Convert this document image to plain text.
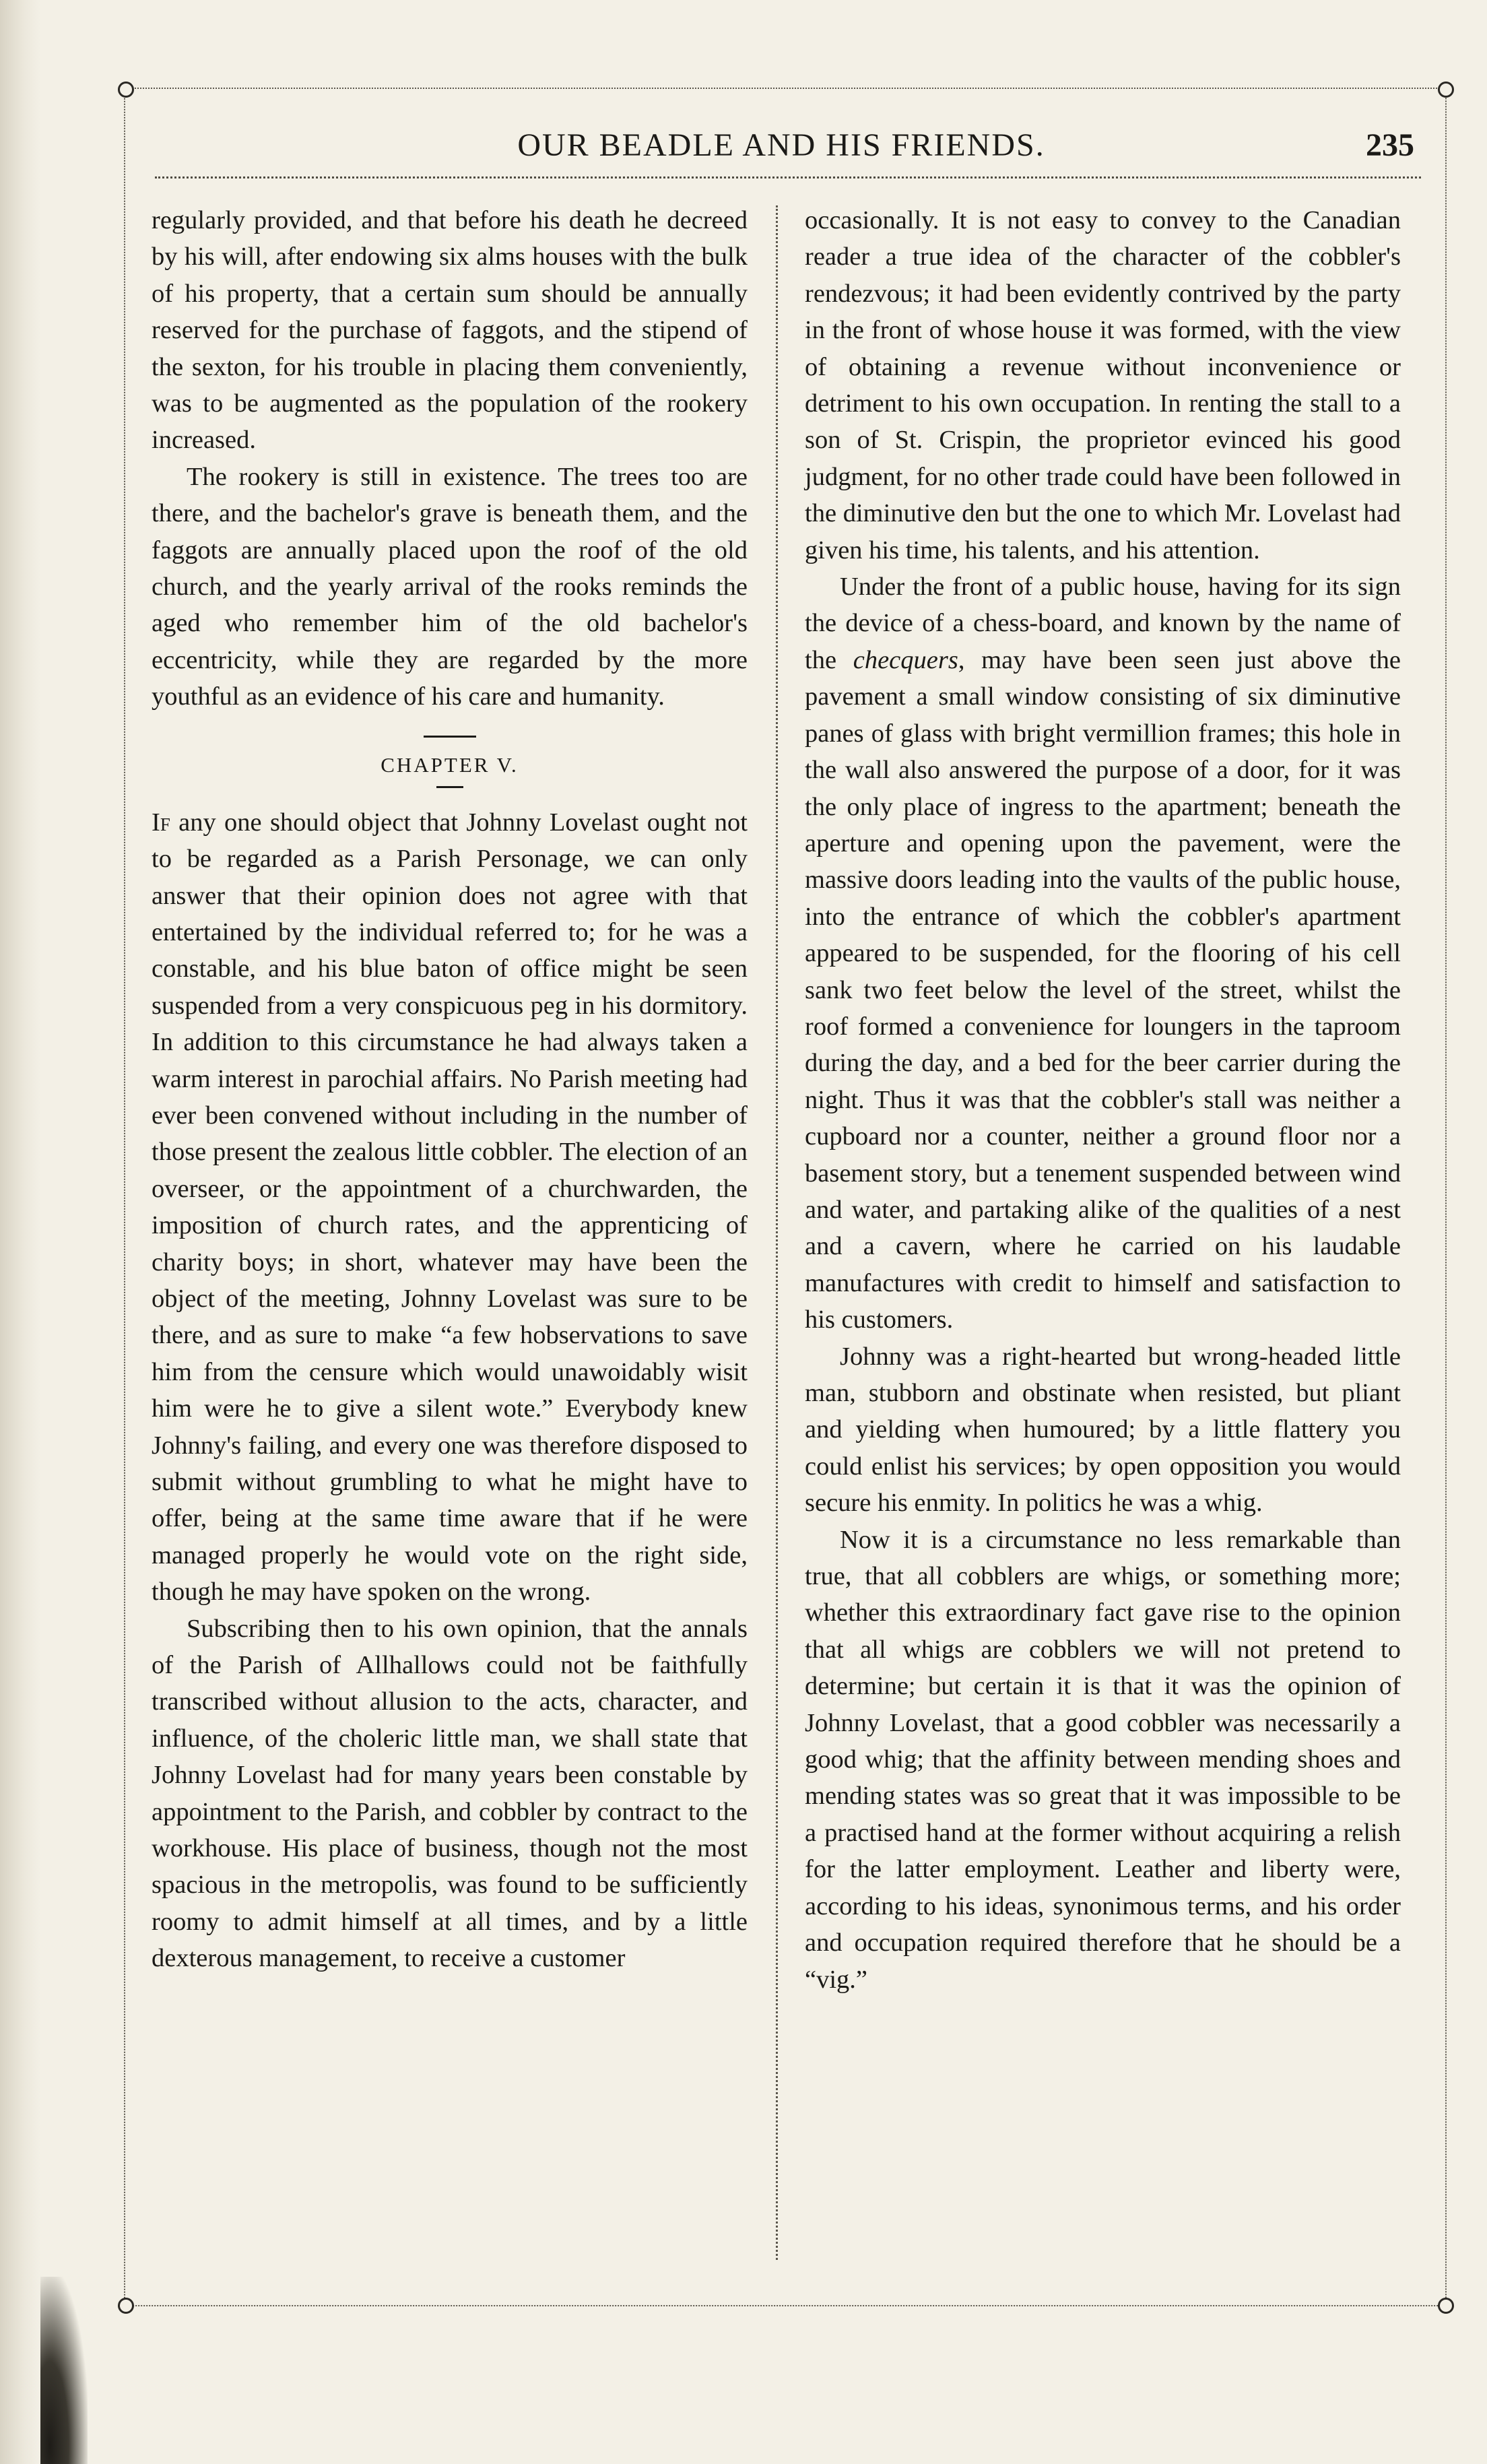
OUR BEADLE AND HIS FRIENDS.	235

regularly provided, and that before his death he decreed by his will, after endowing six alms houses with the bulk of his property, that a certain sum should be annually reserved for the purchase of faggots, and the stipend of the sexton, for his trouble in placing them conveniently, was to be augmented as the population of the rookery increased.

The rookery is still in existence. The trees too are there, and the bachelor's grave is beneath them, and the faggots are annually placed upon the roof of the old church, and the yearly arrival of the rooks reminds the aged who remember him of the old bachelor's eccentricity, while they are regarded by the more youthful as an evidence of his care and humanity.

CHAPTER V.

If any one should object that Johnny Lovelast ought not to be regarded as a Parish Personage, we can only answer that their opinion does not agree with that entertained by the individual referred to; for he was a constable, and his blue baton of office might be seen suspended from a very conspicuous peg in his dormitory. In addition to this circumstance he had always taken a warm interest in parochial affairs. No Parish meeting had ever been convened without including in the number of those present the zealous little cobbler. The election of an overseer, or the appointment of a churchwarden, the imposition of church rates, and the apprenticing of charity boys; in short, whatever may have been the object of the meeting, Johnny Lovelast was sure to be there, and as sure to make “a few hobservations to save him from the censure which would unawoidably wisit him were he to give a silent wote.” Everybody knew Johnny's failing, and every one was therefore disposed to submit without grumbling to what he might have to offer, being at the same time aware that if he were managed properly he would vote on the right side, though he may have spoken on the wrong.

Subscribing then to his own opinion, that the annals of the Parish of Allhallows could not be faithfully transcribed without allusion to the acts, character, and influence, of the choleric little man, we shall state that Johnny Lovelast had for many years been constable by appointment to the Parish, and cobbler by contract to the workhouse. His place of business, though not the most spacious in the metropolis, was found to be sufficiently roomy to admit himself at all times, and by a little dexterous management, to receive a customer

occasionally. It is not easy to convey to the Canadian reader a true idea of the character of the cobbler's rendezvous; it had been evidently contrived by the party in the front of whose house it was formed, with the view of obtaining a revenue without inconvenience or detriment to his own occupation. In renting the stall to a son of St. Crispin, the proprietor evinced his good judgment, for no other trade could have been followed in the diminutive den but the one to which Mr. Lovelast had given his time, his talents, and his attention.

Under the front of a public house, having for its sign the device of a chess-board, and known by the name of the checquers, may have been seen just above the pavement a small window consisting of six diminutive panes of glass with bright vermillion frames; this hole in the wall also answered the purpose of a door, for it was the only place of ingress to the apartment; beneath the aperture and opening upon the pavement, were the massive doors leading into the vaults of the public house, into the entrance of which the cobbler's apartment appeared to be suspended, for the flooring of his cell sank two feet below the level of the street, whilst the roof formed a convenience for loungers in the taproom during the day, and a bed for the beer carrier during the night. Thus it was that the cobbler's stall was neither a cupboard nor a counter, neither a ground floor nor a basement story, but a tenement suspended between wind and water, and partaking alike of the qualities of a nest and a cavern, where he carried on his laudable manufactures with credit to himself and satisfaction to his customers.

Johnny was a right-hearted but wrong-headed little man, stubborn and obstinate when resisted, but pliant and yielding when humoured; by a little flattery you could enlist his services; by open opposition you would secure his enmity. In politics he was a whig.

Now it is a circumstance no less remarkable than true, that all cobblers are whigs, or something more; whether this extraordinary fact gave rise to the opinion that all whigs are cobblers we will not pretend to determine; but certain it is that it was the opinion of Johnny Lovelast, that a good cobbler was necessarily a good whig; that the affinity between mending shoes and mending states was so great that it was impossible to be a practised hand at the former without acquiring a relish for the latter employment. Leather and liberty were, according to his ideas, synonimous terms, and his order and occupation required therefore that he should be a “vig.”
